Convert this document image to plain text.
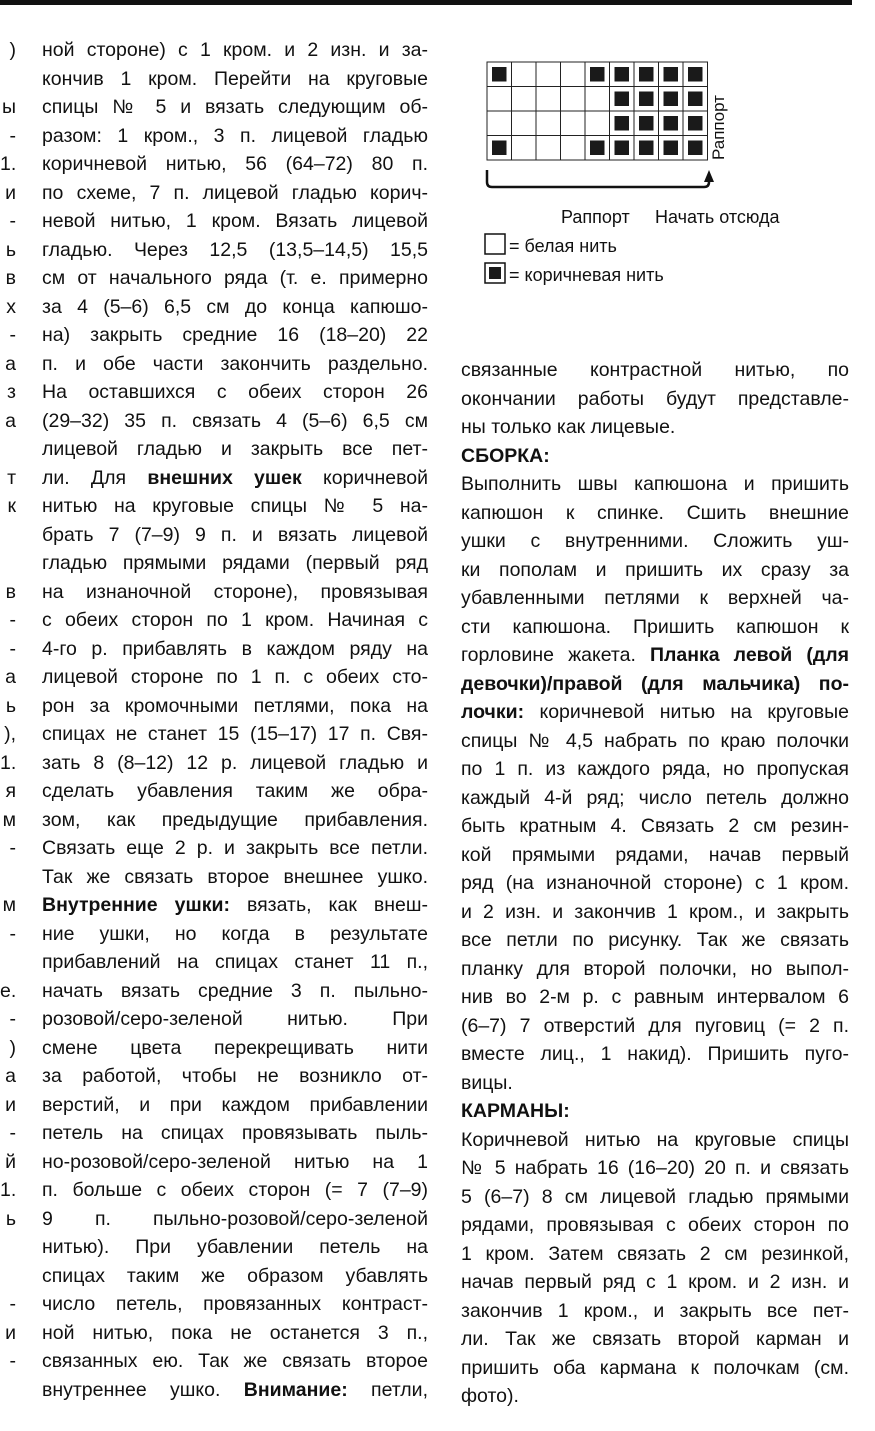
)

ы

-

1.

и

-

ь

в

х

-

а

з

а

т

к

в

-

-

а

ь

),

1.

я

м

-

м

-

е.

-

)

а

и

-

й

1.

ь

-

и

-

ной стороне) с 1 кром. и 2 изн. и за-

кончив 1 кром. Перейти на круговые

спицы № 5 и вязать следующим об-

разом: 1 кром., 3 п. лицевой гладью

коричневой нитью, 56 (64–72) 80 п.

по схеме, 7 п. лицевой гладью корич-

невой нитью, 1 кром. Вязать лицевой

гладью. Через 12,5 (13,5–14,5) 15,5

см от начального ряда (т. е. примерно

за 4 (5–6) 6,5 см до конца капюшо-

на) закрыть средние 16 (18–20) 22

п. и обе части закончить раздельно.

На оставшихся с обеих сторон 26

(29–32) 35 п. связать 4 (5–6) 6,5 см

лицевой гладью и закрыть все пет-

ли. Для внешних ушек коричневой

нитью на круговые спицы № 5 на-

брать 7 (7–9) 9 п. и вязать лицевой

гладью прямыми рядами (первый ряд

на изнаночной стороне), провязывая

с обеих сторон по 1 кром. Начиная с

4-го р. прибавлять в каждом ряду на

лицевой стороне по 1 п. с обеих сто-

рон за кромочными петлями, пока на

спицах не станет 15 (15–17) 17 п. Свя-

зать 8 (8–12) 12 р. лицевой гладью и

сделать убавления таким же обра-

зом, как предыдущие прибавления.

Связать еще 2 р. и закрыть все петли.

Так же связать второе внешнее ушко.

Внутренние ушки: вязать, как внеш-

ние ушки, но когда в результате

прибавлений на спицах станет 11 п.,

начать вязать средние 3 п. пыльно-

розовой/серо-зеленой нитью. При

смене цвета перекрещивать нити

за работой, чтобы не возникло от-

верстий, и при каждом прибавлении

петель на спицах провязывать пыль-

но-розовой/серо-зеленой нитью на 1

п. больше с обеих сторон (= 7 (7–9)

9 п. пыльно-розовой/серо-зеленой

нитью). При убавлении петель на

спицах таким же образом убавлять

число петель, провязанных контраст-

ной нитью, пока не останется 3 п.,

связанных ею. Так же связать второе

внутреннее ушко. Внимание: петли,

Раппорт
Раппорт Начать отсюда
= белая нить
= коричневая нить

связанные контрастной нитью, по

окончании работы будут представле-

ны только как лицевые.

СБОРКА:

Выполнить швы капюшона и пришить

капюшон к спинке. Сшить внешние

ушки с внутренними. Сложить уш-

ки пополам и пришить их сразу за

убавленными петлями к верхней ча-

сти капюшона. Пришить капюшон к

горловине жакета. Планка левой (для

девочки)/правой (для мальчика) по-

лочки: коричневой нитью на круговые

спицы № 4,5 набрать по краю полочки

по 1 п. из каждого ряда, но пропуская

каждый 4-й ряд; число петель должно

быть кратным 4. Связать 2 см резин-

кой прямыми рядами, начав первый

ряд (на изнаночной стороне) с 1 кром.

и 2 изн. и закончив 1 кром., и закрыть

все петли по рисунку. Так же связать

планку для второй полочки, но выпол-

нив во 2-м р. с равным интервалом 6

(6–7) 7 отверстий для пуговиц (= 2 п.

вместе лиц., 1 накид). Пришить пуго-

вицы.

КАРМАНЫ:

Коричневой нитью на круговые спицы

№ 5 набрать 16 (16–20) 20 п. и связать

5 (6–7) 8 см лицевой гладью прямыми

рядами, провязывая с обеих сторон по

1 кром. Затем связать 2 см резинкой,

начав первый ряд с 1 кром. и 2 изн. и

закончив 1 кром., и закрыть все пет-

ли. Так же связать второй карман и

пришить оба кармана к полочкам (см.

фото).
